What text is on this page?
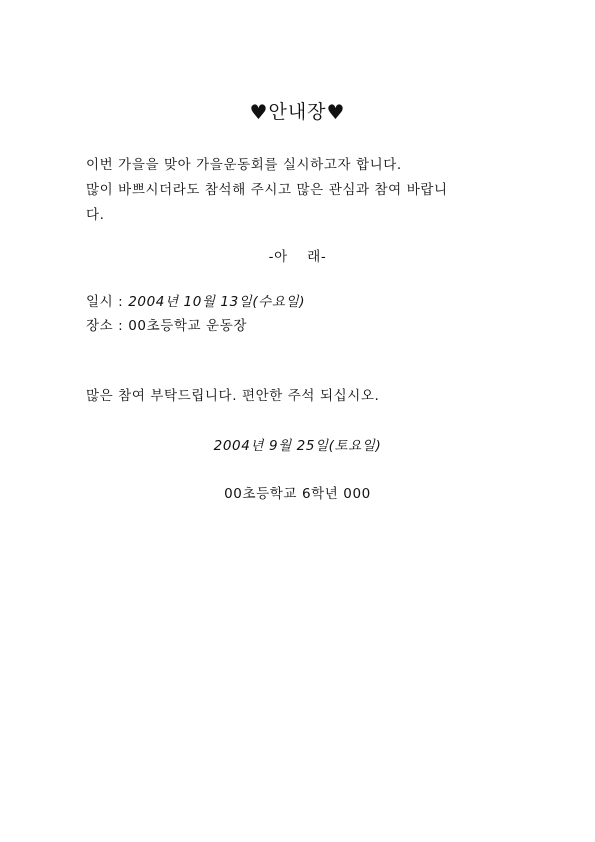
♥안내장♥
이번 가을을 맞아 가을운동회를 실시하고자 합니다.
많이 바쁘시더라도 참석해 주시고 많은 관심과 참여 바랍니
다.
-아    래-
일시 : 2004년 10월 13일(수요일)
장소 : 00초등학교 운동장
많은 참여 부탁드립니다. 편안한 주석 되십시오.
2004년 9월 25일(토요일)
00초등학교 6학년 000
